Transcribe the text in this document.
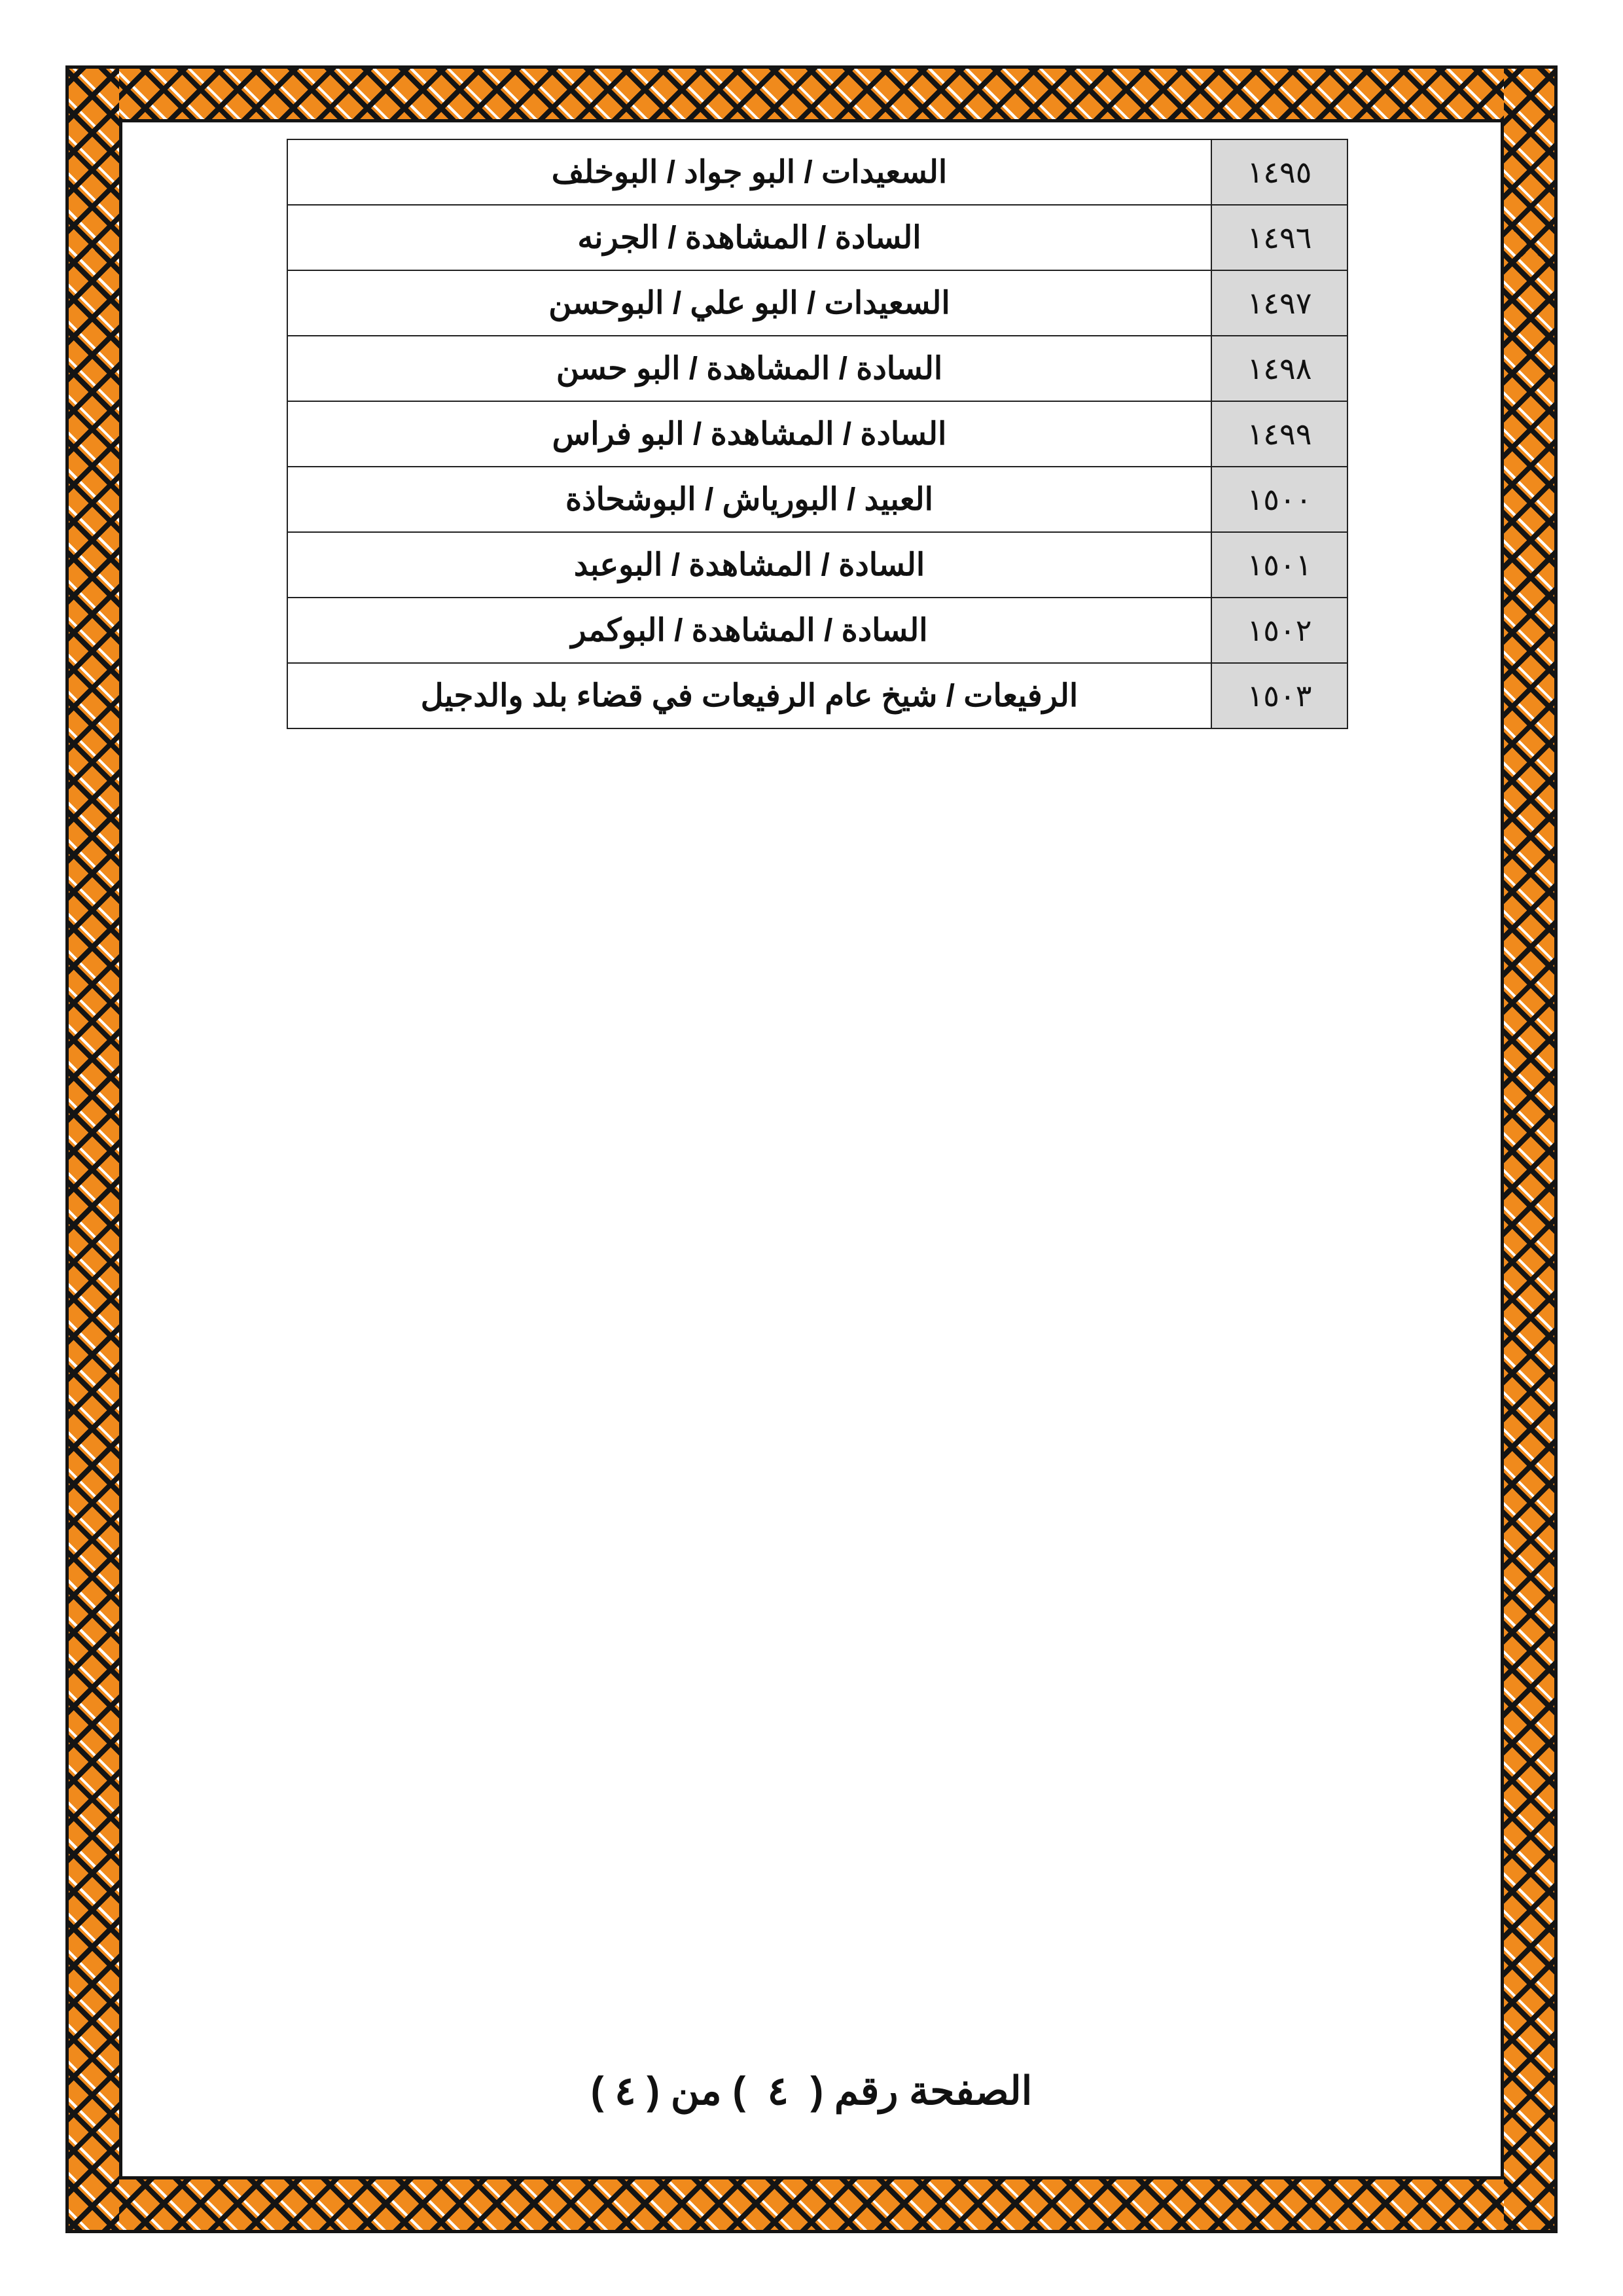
١٤٩٥	السعيدات / البو جواد / البوخلف
١٤٩٦	السادة / المشاهدة / الجرنه
١٤٩٧	السعيدات / البو علي / البوحسن
١٤٩٨	السادة / المشاهدة / البو حسن
١٤٩٩	السادة / المشاهدة / البو فراس
١٥٠٠	العبيد / البورياش / البوشحاذة
١٥٠١	السادة / المشاهدة / البوعبد
١٥٠٢	السادة / المشاهدة / البوكمر
١٥٠٣	الرفيعات / شيخ عام الرفيعات في قضاء بلد والدجيل
الصفحة رقم (  ٤  ) من ( ٤ )
